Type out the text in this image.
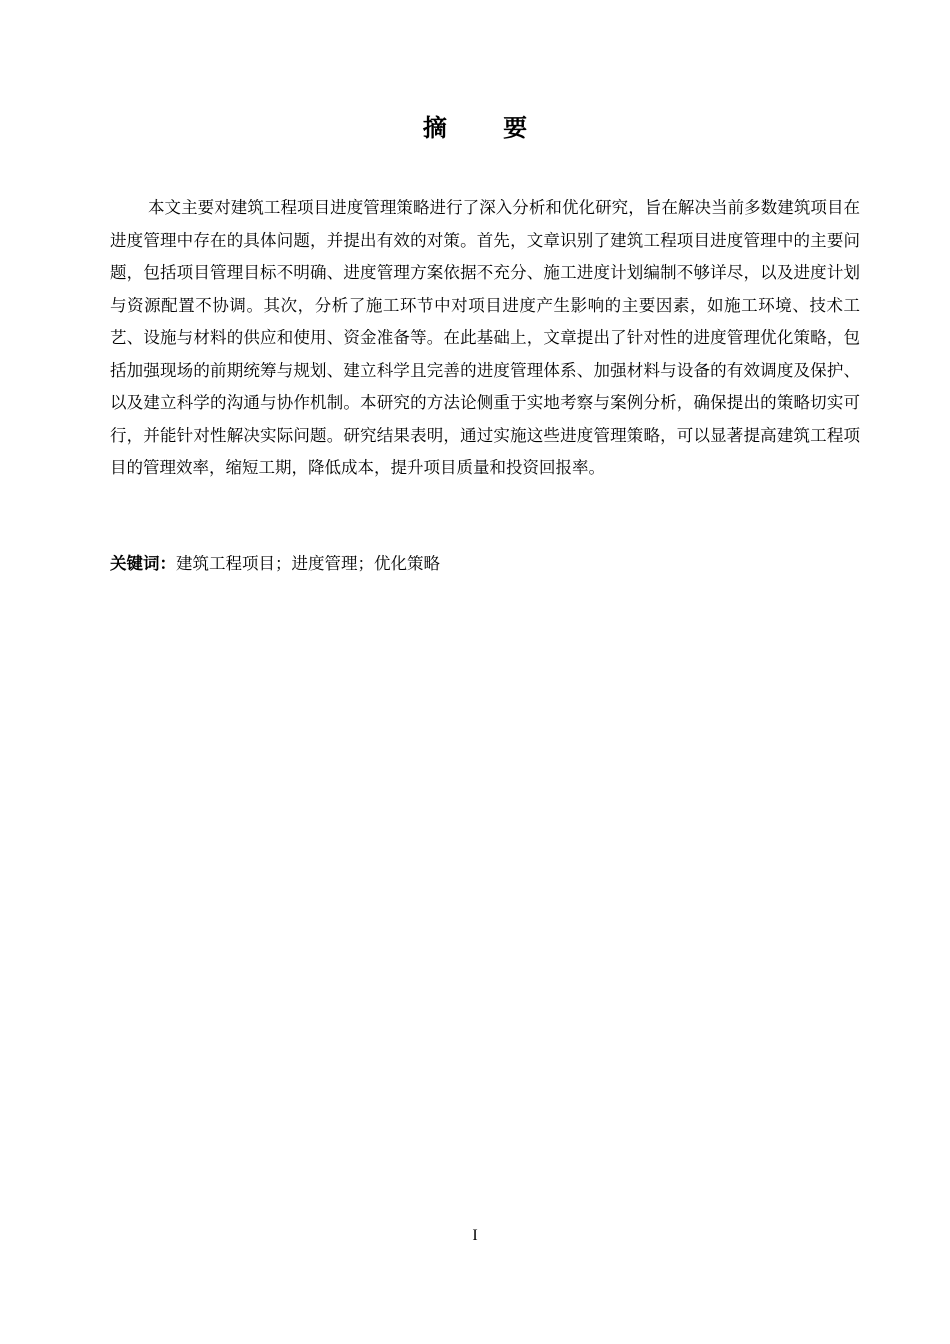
摘 要

本文主要对建筑工程项目进度管理策略进行了深入分析和优化研究，旨在解决当前多数建筑项目在进度管理中存在的具体问题，并提出有效的对策。首先，文章识别了建筑工程项目进度管理中的主要问题，包括项目管理目标不明确、进度管理方案依据不充分、施工进度计划编制不够详尽，以及进度计划与资源配置不协调。其次，分析了施工环节中对项目进度产生影响的主要因素，如施工环境、技术工艺、设施与材料的供应和使用、资金准备等。在此基础上，文章提出了针对性的进度管理优化策略，包括加强现场的前期统筹与规划、建立科学且完善的进度管理体系、加强材料与设备的有效调度及保护、以及建立科学的沟通与协作机制。本研究的方法论侧重于实地考察与案例分析，确保提出的策略切实可行，并能针对性解决实际问题。研究结果表明，通过实施这些进度管理策略，可以显著提高建筑工程项目的管理效率，缩短工期，降低成本，提升项目质量和投资回报率。

关键词：建筑工程项目；进度管理；优化策略
I
